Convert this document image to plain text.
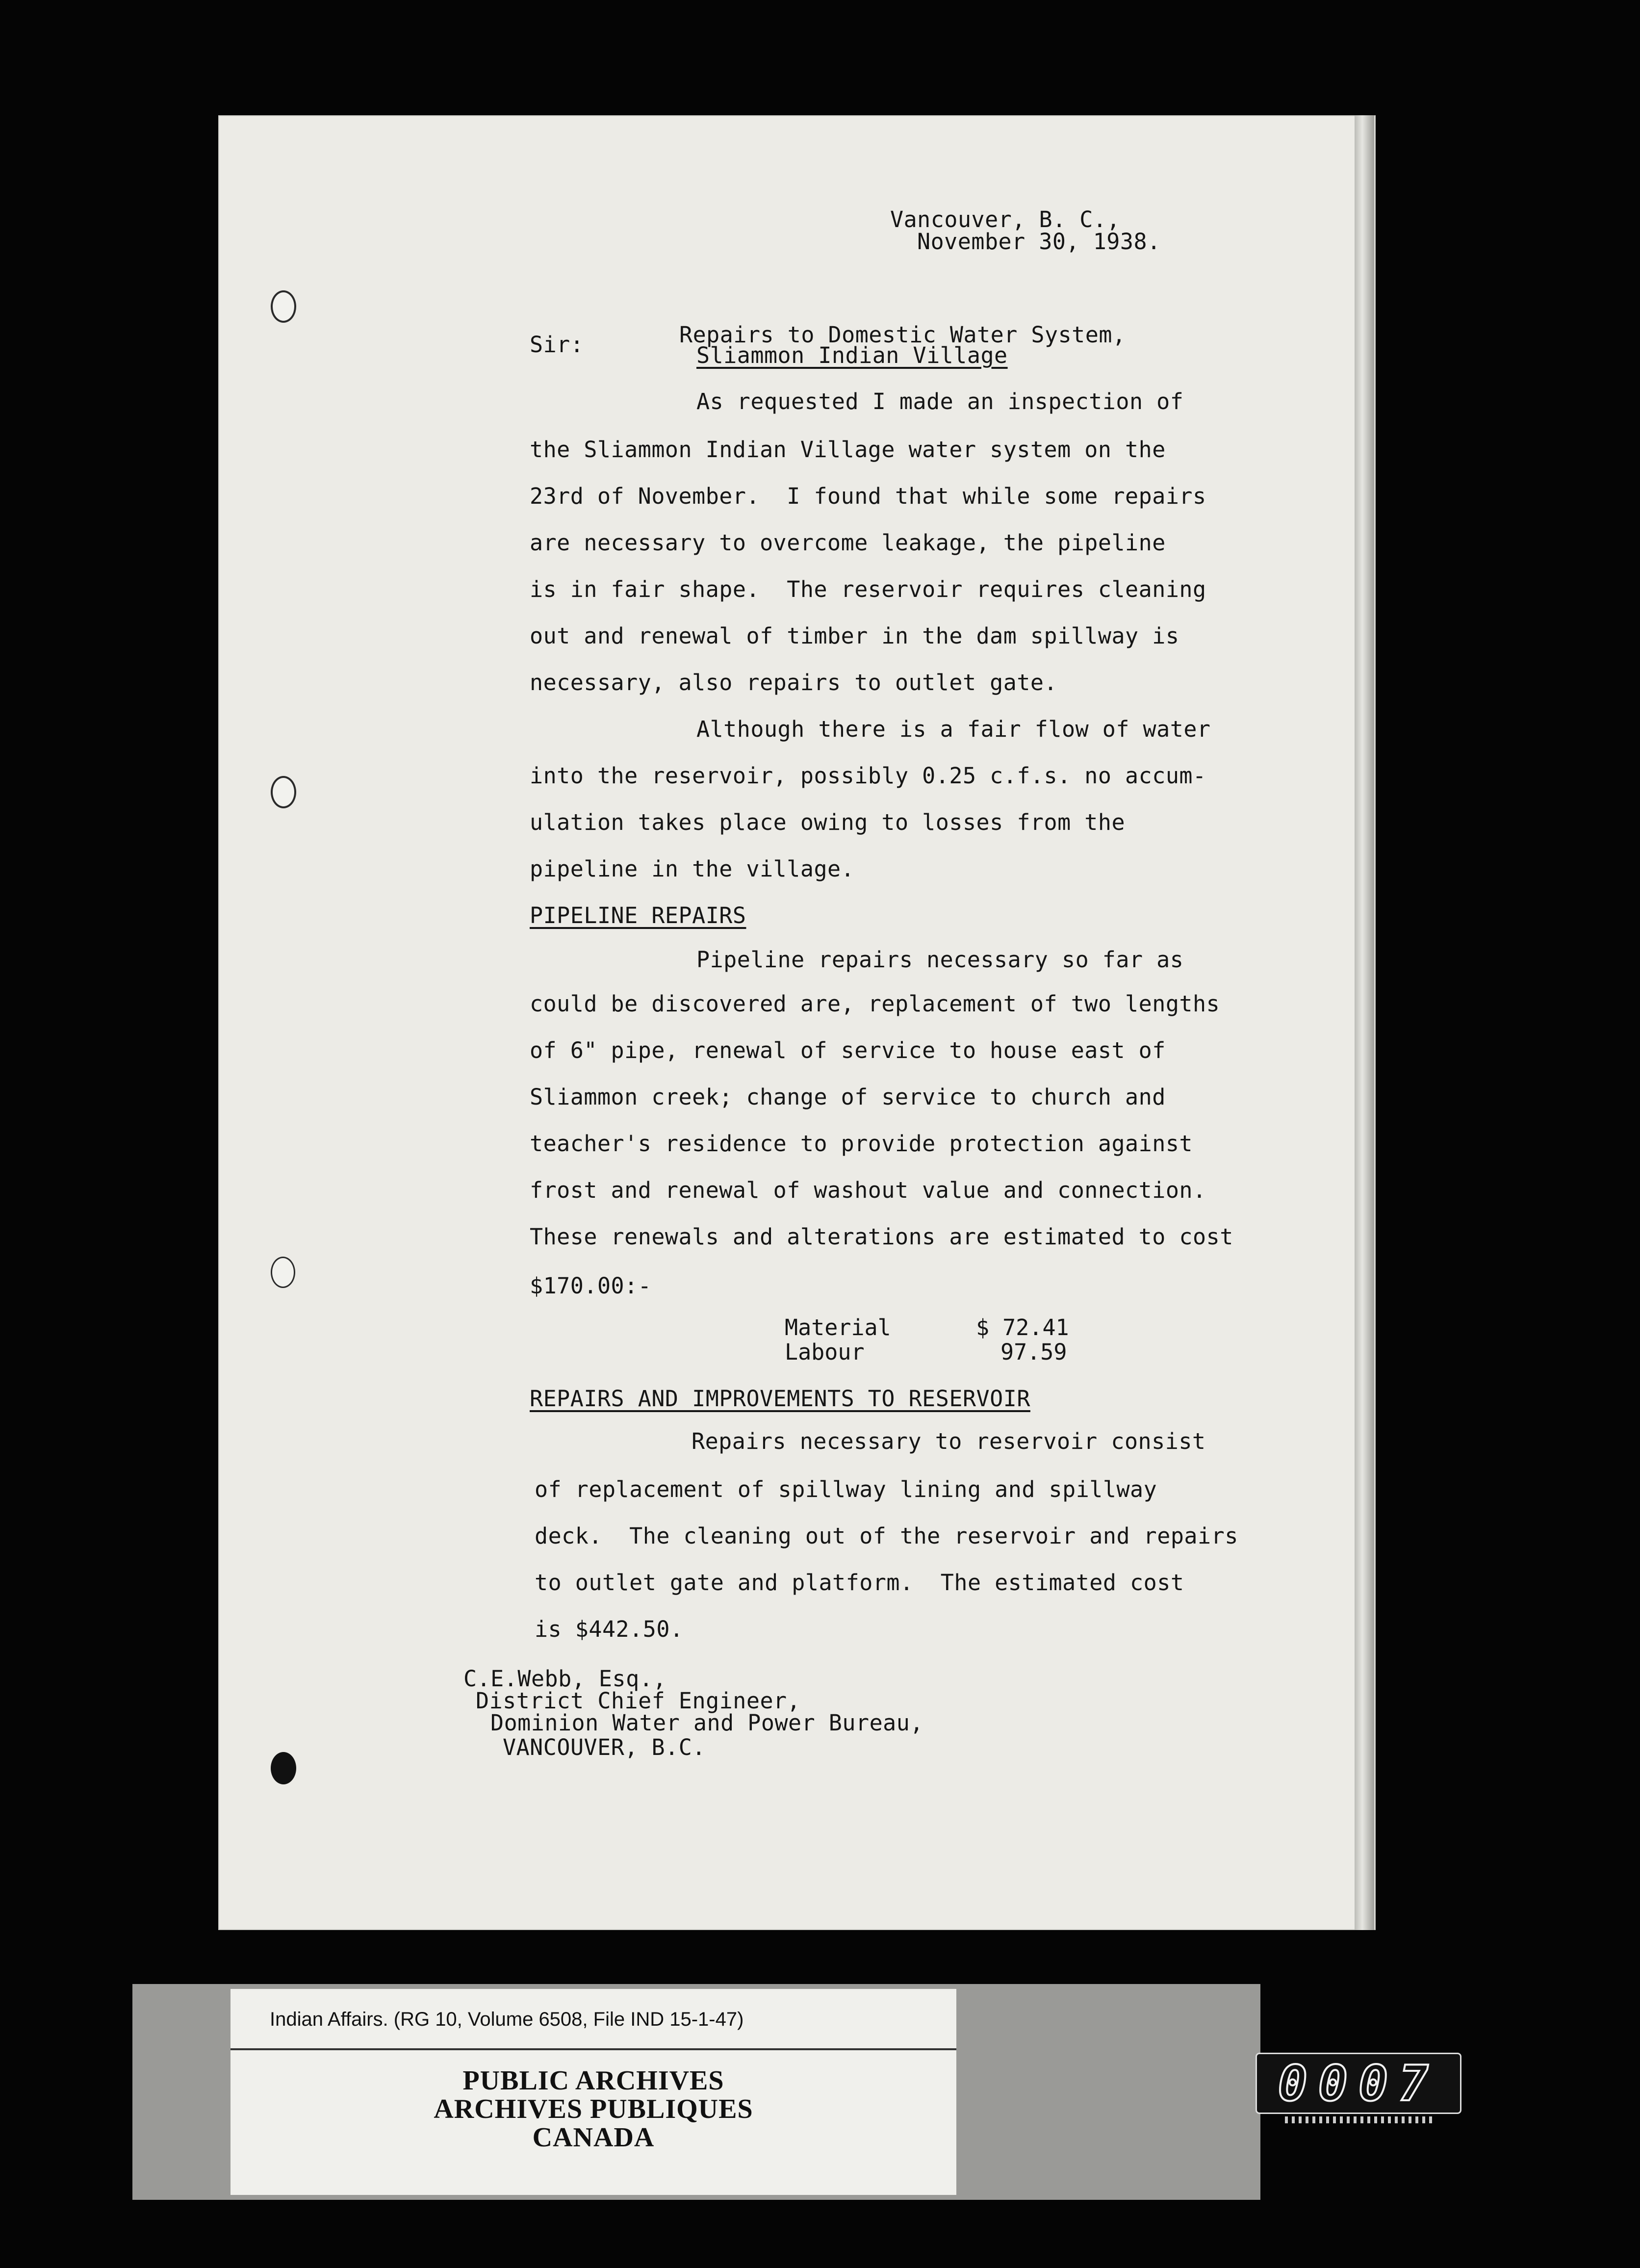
Vancouver, B. C.,
November 30, 1938.
Sir:	Repairs to Domestic Water System,
Sliammon Indian Village
As requested I made an inspection of
the Sliammon Indian Village water system on the
23rd of November.  I found that while some repairs
are necessary to overcome leakage, the pipeline
is in fair shape.  The reservoir requires cleaning
out and renewal of timber in the dam spillway is
necessary, also repairs to outlet gate.
Although there is a fair flow of water
into the reservoir, possibly 0.25 c.f.s. no accum-
ulation takes place owing to losses from the
pipeline in the village.
PIPELINE REPAIRS
Pipeline repairs necessary so far as
could be discovered are, replacement of two lengths
of 6" pipe, renewal of service to house east of
Sliammon creek; change of service to church and
teacher's residence to provide protection against
frost and renewal of washout value and connection.
These renewals and alterations are estimated to cost
$170.00:-
Material	$ 72.41
Labour	97.59
REPAIRS AND IMPROVEMENTS TO RESERVOIR
Repairs necessary to reservoir consist
of replacement of spillway lining and spillway
deck.  The cleaning out of the reservoir and repairs
to outlet gate and platform.  The estimated cost
is $442.50.
C.E.Webb, Esq.,
District Chief Engineer,
Dominion Water and Power Bureau,
VANCOUVER, B.C.
Indian Affairs. (RG 10, Volume 6508, File IND 15-1-47)
PUBLIC ARCHIVES
ARCHIVES PUBLIQUES
CANADA
0007
